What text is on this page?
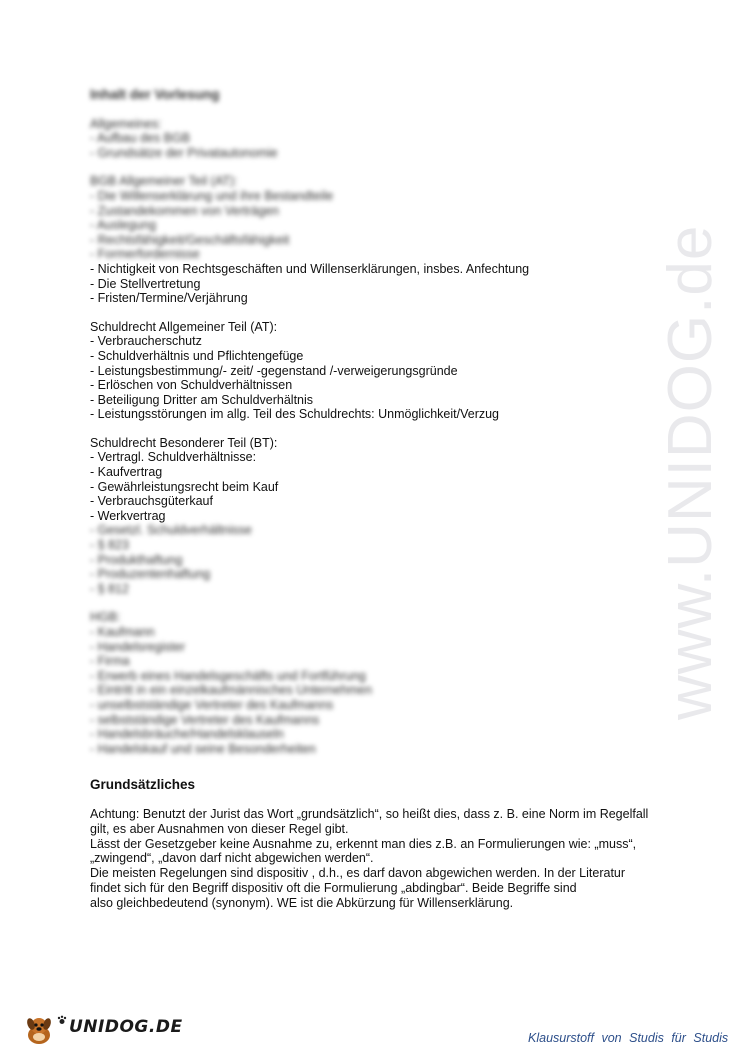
www.UNIDOG.de

Inhalt der Vorlesung

Allgemeines:
- Aufbau des BGB
- Grundsätze der Privatautonomie
BGB Allgemeiner Teil (AT):
- Die Willenserklärung und ihre Bestandteile
- Zustandekommen von Verträgen
- Auslegung
- Rechtsfähigkeit/Geschäftsfähigkeit
- Formerfordernisse
- Nichtigkeit von Rechtsgeschäften und Willenserklärungen, insbes. Anfechtung
- Die Stellvertretung
- Fristen/Termine/Verjährung
Schuldrecht Allgemeiner Teil (AT):
- Verbraucherschutz
- Schuldverhältnis und Pflichtengefüge
- Leistungsbestimmung/- zeit/ -gegenstand /-verweigerungsgründe
- Erlöschen von Schuldverhältnissen
- Beteiligung Dritter am Schuldverhältnis
- Leistungsstörungen im allg. Teil des Schuldrechts: Unmöglichkeit/Verzug
Schuldrecht Besonderer Teil (BT):
- Vertragl. Schuldverhältnisse:
- Kaufvertrag
- Gewährleistungsrecht beim Kauf
- Verbrauchsgüterkauf
- Werkvertrag
- Gesetzl. Schuldverhältnisse
- § 823
- Produkthaftung
- Produzentenhaftung
- § 812
HGB:
- Kaufmann
- Handelsregister
- Firma
- Erwerb eines Handelsgeschäfts und Fortführung
- Eintritt in ein einzelkaufmännisches Unternehmen
- unselbstständige Vertreter des Kaufmanns
- selbstständige Vertreter des Kaufmanns
- Handelsbräuche/Handelsklauseln
- Handelskauf und seine Besonderheiten

Grundsätzliches

Achtung: Benutzt der Jurist das Wort „grundsätzlich“, so heißt dies, dass z. B. eine Norm im Regelfall
gilt, es aber Ausnahmen von dieser Regel gibt.
Lässt der Gesetzgeber keine Ausnahme zu, erkennt man dies z.B. an Formulierungen wie: „muss“,
„zwingend“, „davon darf nicht abgewichen werden“.
Die meisten Regelungen sind dispositiv , d.h., es darf davon abgewichen werden. In der Literatur
findet sich für den Begriff dispositiv oft die Formulierung „abdingbar“. Beide Begriffe sind
also gleichbedeutend (synonym). WE ist die Abkürzung für Willenserklärung.
UNIDOG.DE
Klausurstoff von Studis für Studis
